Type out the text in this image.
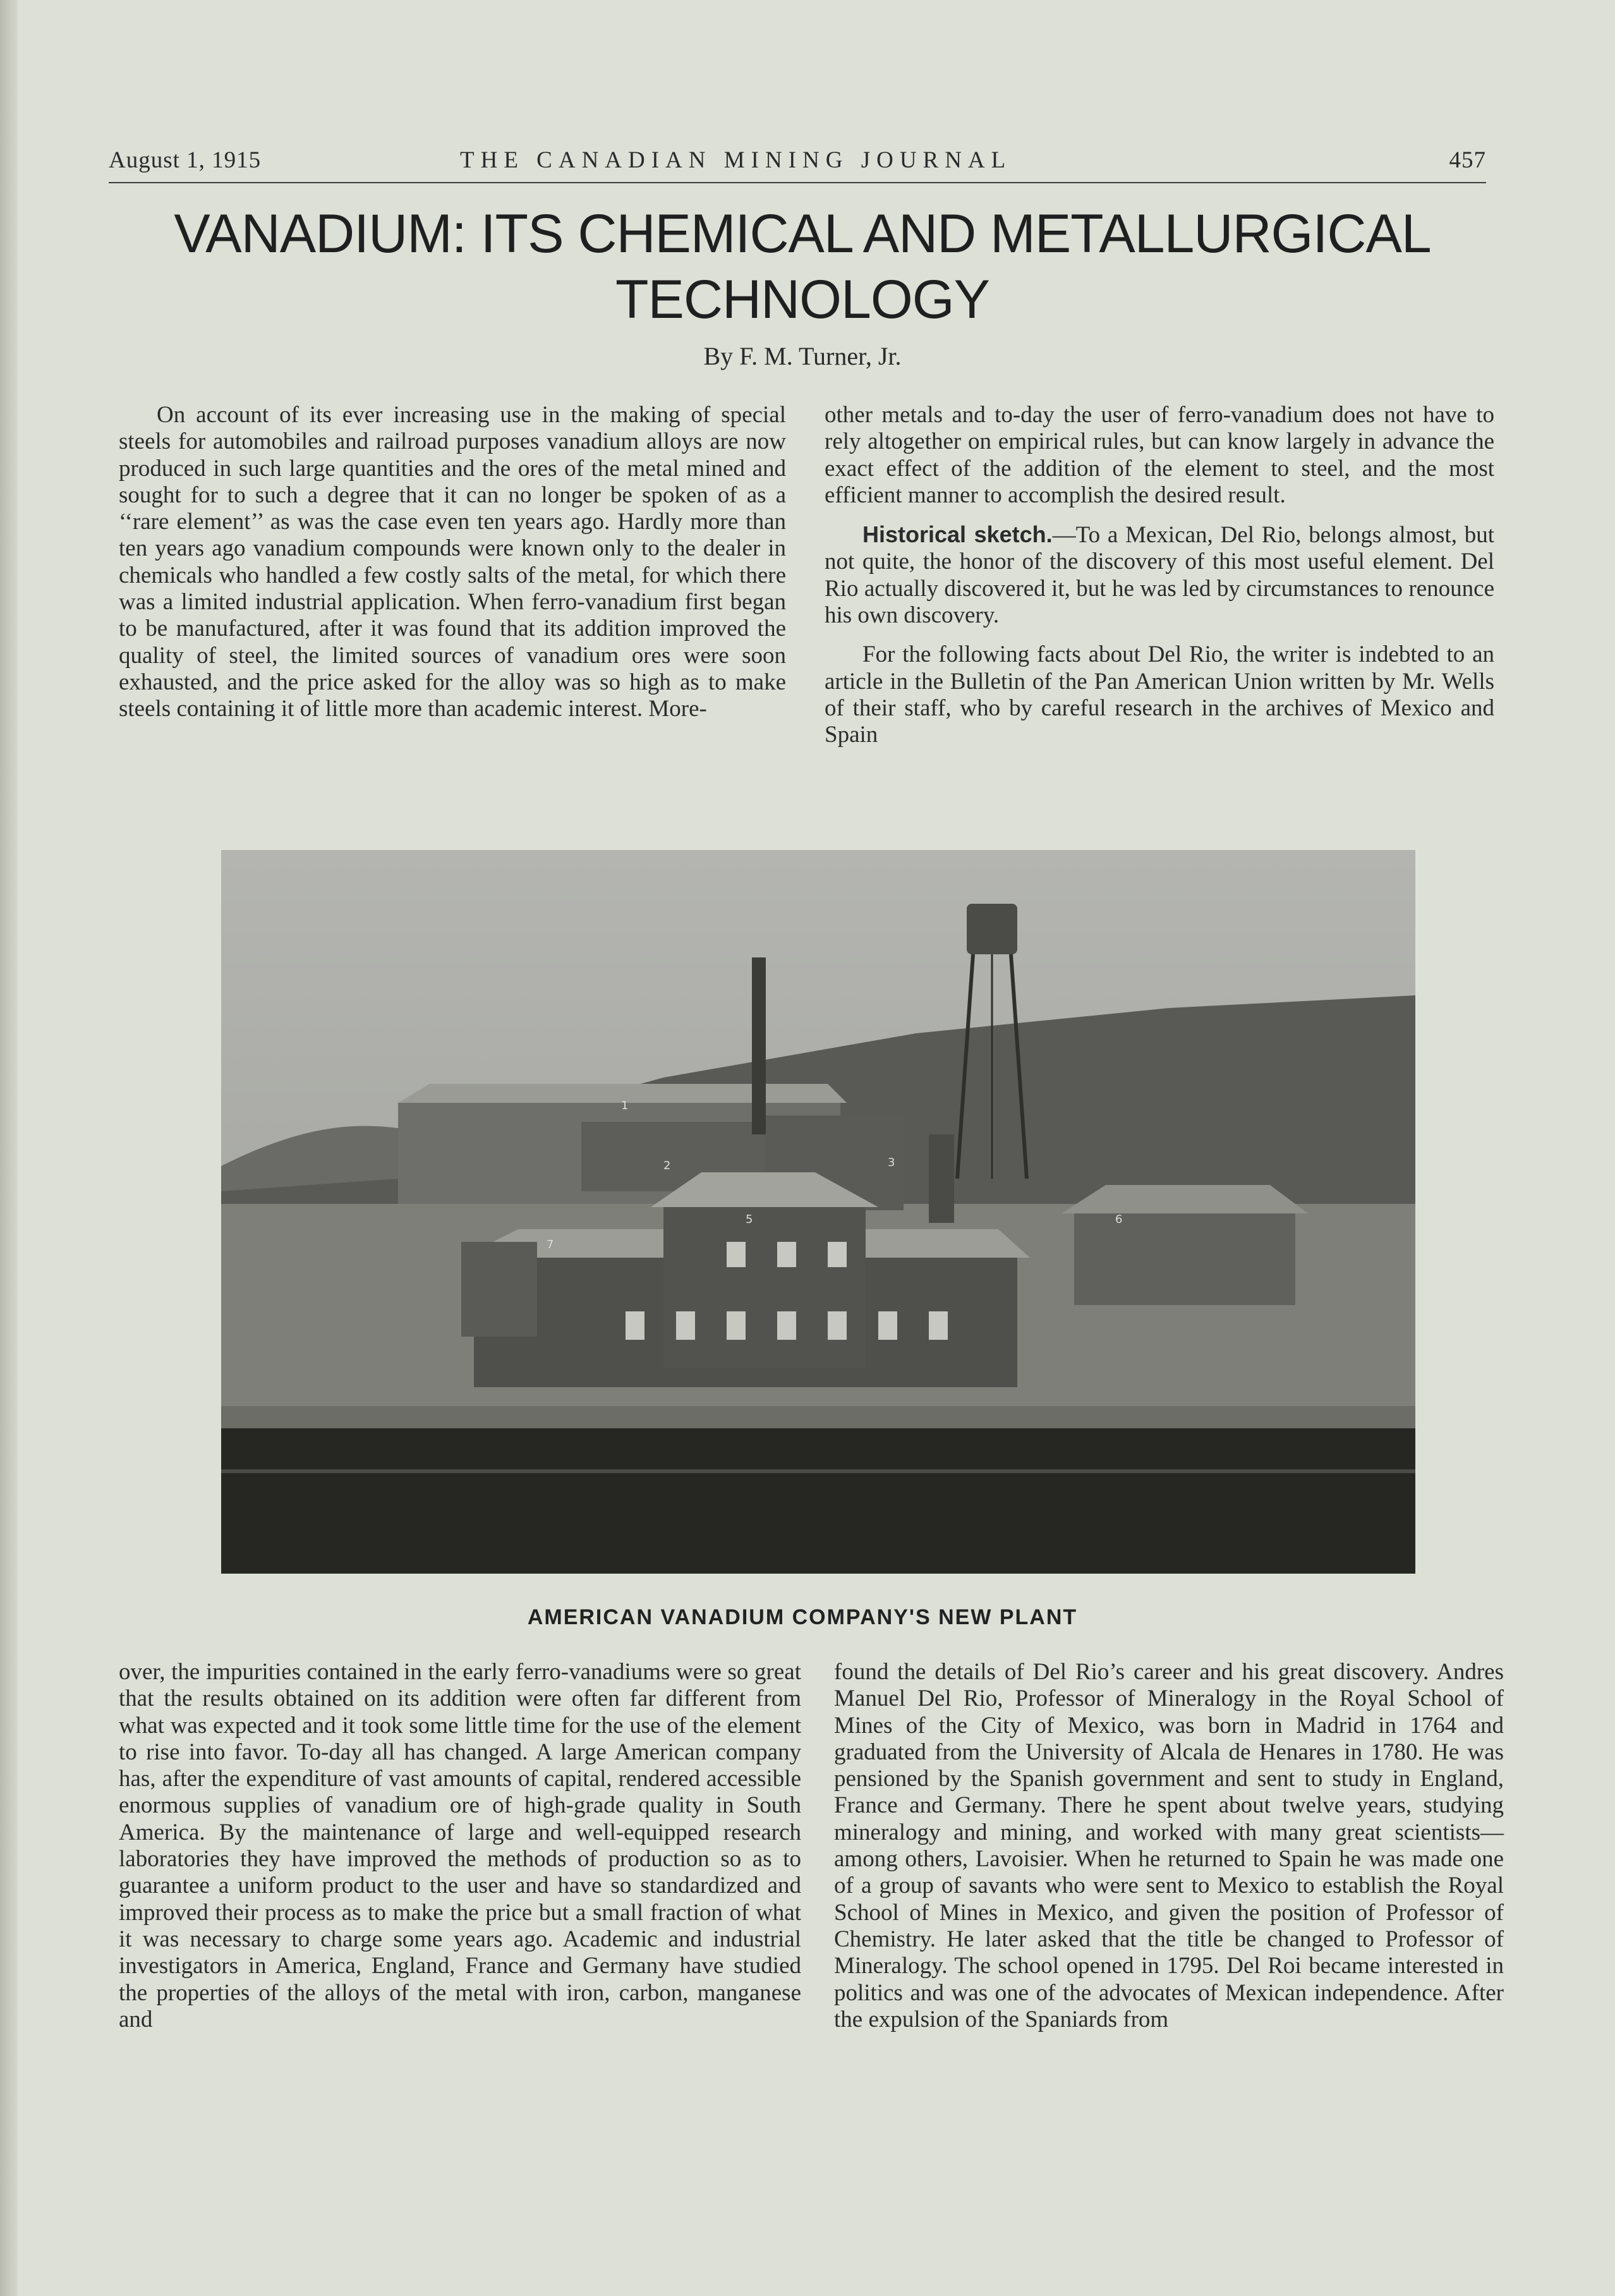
August 1, 1915	THE CANADIAN MINING JOURNAL	457
VANADIUM: ITS CHEMICAL AND METALLURGICAL
TECHNOLOGY
By F. M. Turner, Jr.

On account of its ever increasing use in the making of special steels for automobiles and railroad purposes vanadium alloys are now produced in such large quantities and the ores of the metal mined and sought for to such a degree that it can no longer be spoken of as a ‘‘rare element’’ as was the case even ten years ago. Hardly more than ten years ago vanadium compounds were known only to the dealer in chemicals who handled a few costly salts of the metal, for which there was a limited industrial application. When ferro-vanadium first began to be manufactured, after it was found that its addition improved the quality of steel, the limited sources of vanadium ores were soon exhausted, and the price asked for the alloy was so high as to make steels containing it of little more than academic interest. More-

other metals and to-day the user of ferro-vanadium does not have to rely altogether on empirical rules, but can know largely in advance the exact effect of the addition of the element to steel, and the most efficient manner to accomplish the desired result.

Historical sketch.—To a Mexican, Del Rio, belongs almost, but not quite, the honor of the discovery of this most useful element. Del Rio actually discovered it, but he was led by circumstances to renounce his own discovery.

For the following facts about Del Rio, the writer is indebted to an article in the Bulletin of the Pan American Union written by Mr. Wells of their staff, who by careful research in the archives of Mexico and Spain

1
2	3
5	6
7
AMERICAN VANADIUM COMPANY'S NEW PLANT

over, the impurities contained in the early ferro-vanadiums were so great that the results obtained on its addition were often far different from what was expected and it took some little time for the use of the element to rise into favor. To-day all has changed. A large American company has, after the expenditure of vast amounts of capital, rendered accessible enormous supplies of vanadium ore of high-grade quality in South America. By the maintenance of large and well-equipped research laboratories they have improved the methods of production so as to guarantee a uniform product to the user and have so standardized and improved their process as to make the price but a small fraction of what it was necessary to charge some years ago. Academic and industrial investigators in America, England, France and Germany have studied the properties of the alloys of the metal with iron, carbon, manganese and

found the details of Del Rio’s career and his great discovery. Andres Manuel Del Rio, Professor of Mineralogy in the Royal School of Mines of the City of Mexico, was born in Madrid in 1764 and graduated from the University of Alcala de Henares in 1780. He was pensioned by the Spanish government and sent to study in England, France and Germany. There he spent about twelve years, studying mineralogy and mining, and worked with many great scientists—among others, Lavoisier. When he returned to Spain he was made one of a group of savants who were sent to Mexico to establish the Royal School of Mines in Mexico, and given the position of Professor of Chemistry. He later asked that the title be changed to Professor of Mineralogy. The school opened in 1795. Del Roi became interested in politics and was one of the advocates of Mexican independence. After the expulsion of the Spaniards from
